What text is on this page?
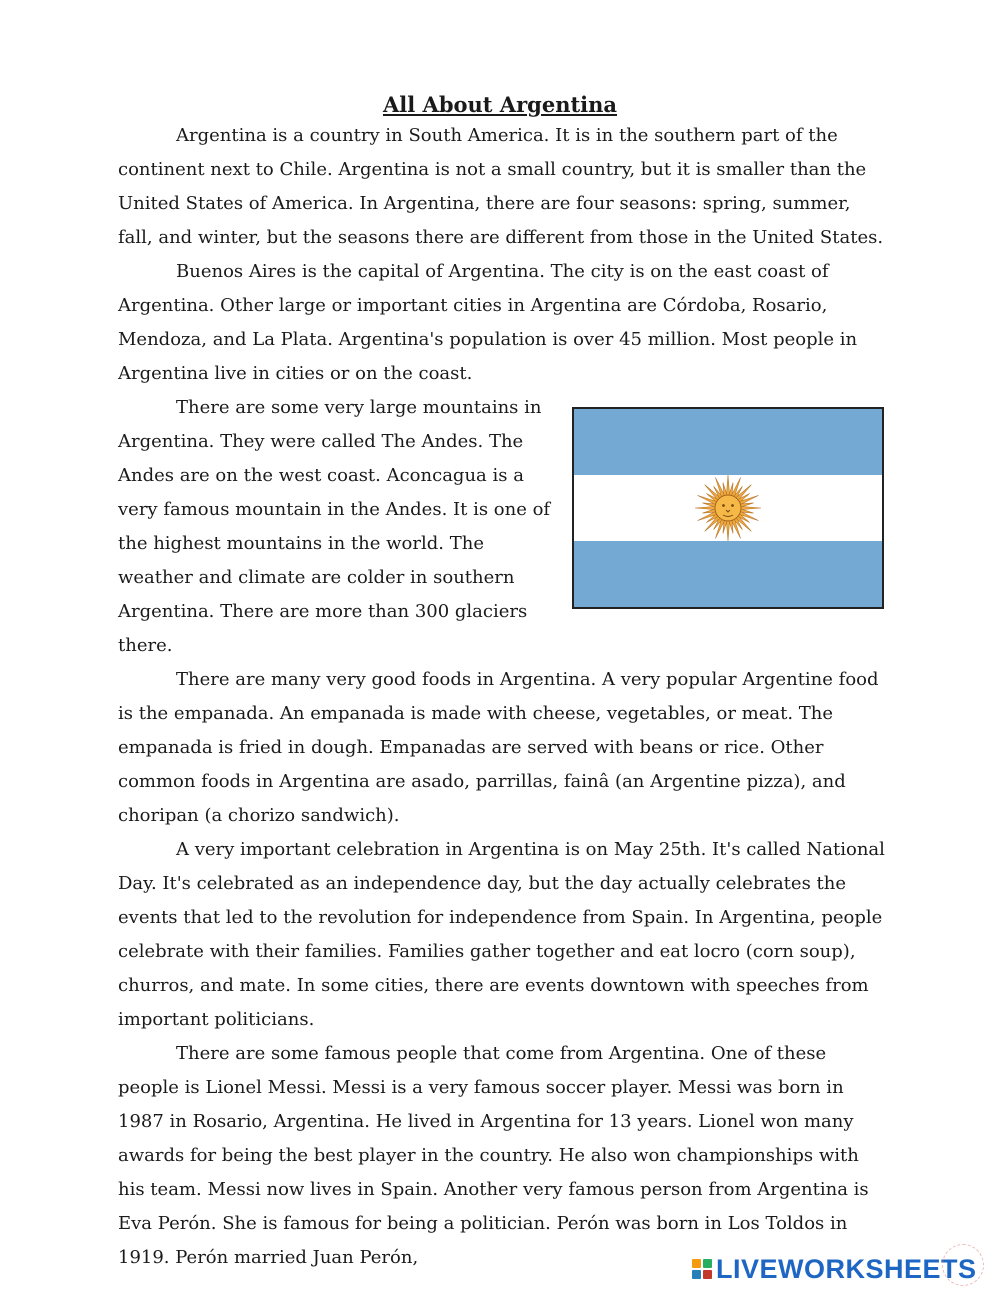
All About Argentina

Argentina is a country in South America. It is in the southern part of the continent next to Chile. Argentina is not a small country, but it is smaller than the United States of America. In Argentina, there are four seasons: spring, summer, fall, and winter, but the seasons there are different from those in the United States.

Buenos Aires is the capital of Argentina. The city is on the east coast of Argentina. Other large or important cities in Argentina are Córdoba, Rosario, Mendoza, and La Plata. Argentina's population is over 45 million. Most people in Argentina live in cities or on the coast.

There are some very large mountains in Argentina. They were called The Andes. The Andes are on the west coast. Aconcagua is a very famous mountain in the Andes. It is one of the highest mountains in the world. The weather and climate are colder in southern Argentina. There are more than 300 glaciers there.

There are many very good foods in Argentina. A very popular Argentine food is the empanada. An empanada is made with cheese, vegetables, or meat. The empanada is fried in dough. Empanadas are served with beans or rice. Other common foods in Argentina are asado, parrillas, fainâ (an Argentine pizza), and choripan (a chorizo sandwich).

A very important celebration in Argentina is on May 25th. It's called National Day. It's celebrated as an independence day, but the day actually celebrates the events that led to the revolution for independence from Spain. In Argentina, people celebrate with their families. Families gather together and eat locro (corn soup), churros, and mate. In some cities, there are events downtown with speeches from important politicians.

There are some famous people that come from Argentina. One of these people is Lionel Messi. Messi is a very famous soccer player. Messi was born in 1987 in Rosario, Argentina. He lived in Argentina for 13 years. Lionel won many awards for being the best player in the country. He also won championships with his team. Messi now lives in Spain. Another very famous person from Argentina is Eva Perón. She is famous for being a politician. Perón was born in Los Toldos in 1919. Perón married Juan Perón,	LIVEWORKSHEETS
